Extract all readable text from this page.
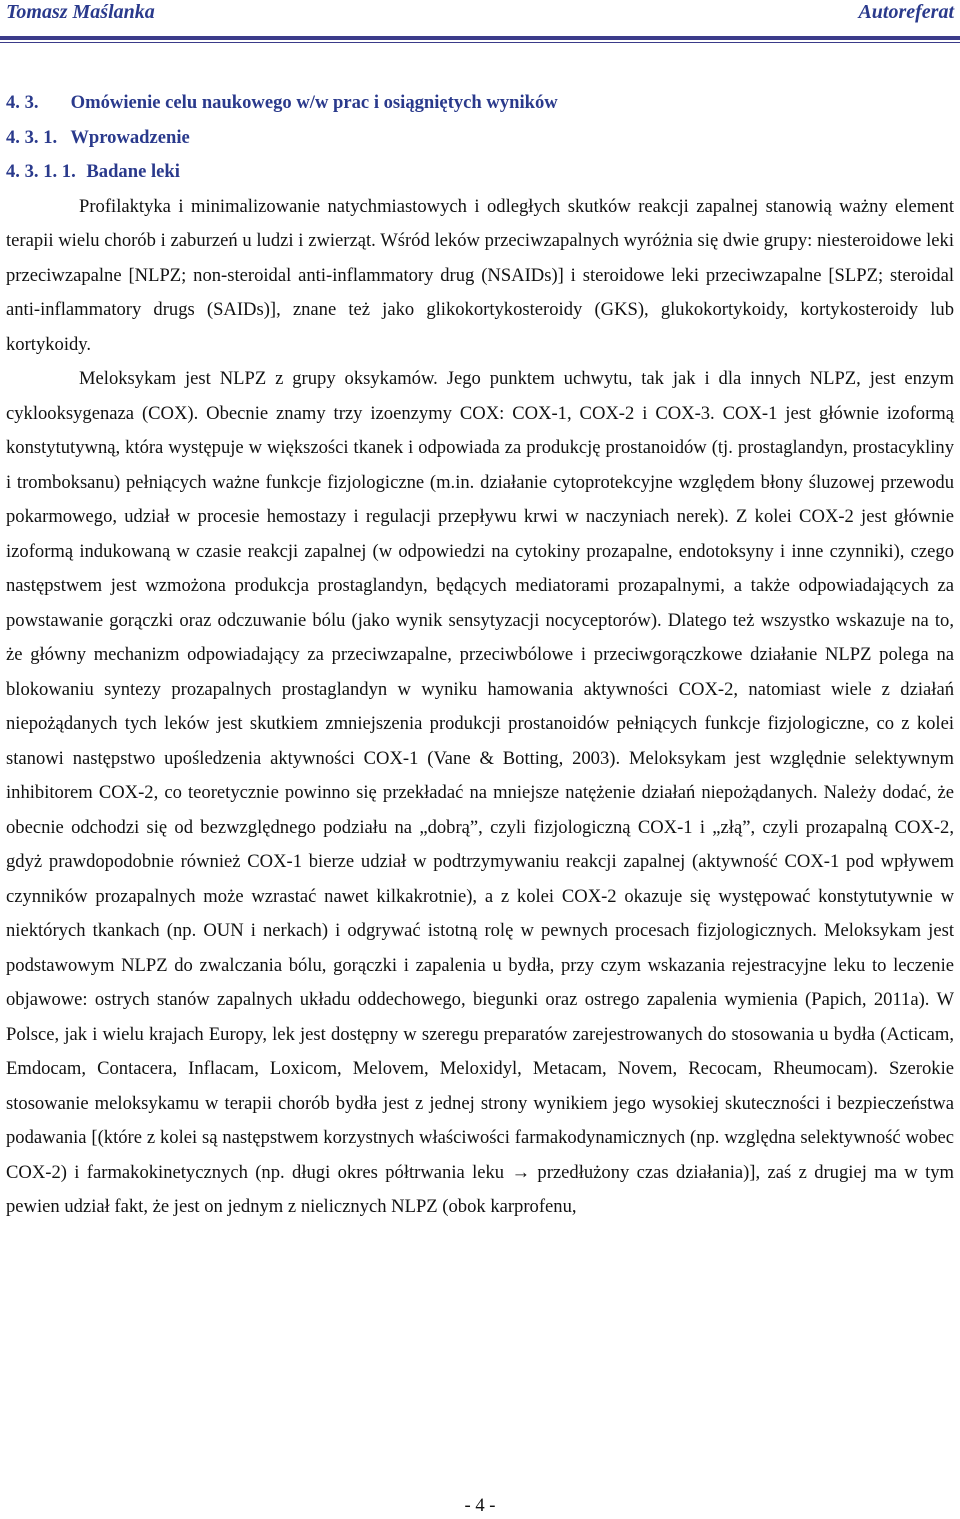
Tomasz Maślanka	Autoreferat

4. 3. Omówienie celu naukowego w/w prac i osiągniętych wyników

4. 3. 1. Wprowadzenie

4. 3. 1. 1. Badane leki

Profilaktyka i minimalizowanie natychmiastowych i odległych skutków reakcji zapalnej stanowią ważny element terapii wielu chorób i zaburzeń u ludzi i zwierząt. Wśród leków przeciwzapalnych wyróżnia się dwie grupy: niesteroidowe leki przeciwzapalne [NLPZ; non-steroidal anti-inflammatory drug (NSAIDs)] i steroidowe leki przeciwzapalne [SLPZ; steroidal anti-inflammatory drugs (SAIDs)], znane też jako glikokortykosteroidy (GKS), glukokortykoidy, kortykosteroidy lub kortykoidy.

Meloksykam jest NLPZ z grupy oksykamów. Jego punktem uchwytu, tak jak i dla innych NLPZ, jest enzym cyklooksygenaza (COX). Obecnie znamy trzy izoenzymy COX: COX-1, COX-2 i COX-3. COX-1 jest głównie izoformą konstytutywną, która występuje w większości tkanek i odpowiada za produkcję prostanoidów (tj. prostaglandyn, prostacykliny i tromboksanu) pełniących ważne funkcje fizjologiczne (m.in. działanie cytoprotekcyjne względem błony śluzowej przewodu pokarmowego, udział w procesie hemostazy i regulacji przepływu krwi w naczyniach nerek). Z kolei COX-2 jest głównie izoformą indukowaną w czasie reakcji zapalnej (w odpowiedzi na cytokiny prozapalne, endotoksyny i inne czynniki), czego następstwem jest wzmożona produkcja prostaglandyn, będących mediatorami prozapalnymi, a także odpowiadających za powstawanie gorączki oraz odczuwanie bólu (jako wynik sensytyzacji nocyceptorów). Dlatego też wszystko wskazuje na to, że główny mechanizm odpowiadający za przeciwzapalne, przeciwbólowe i przeciwgorączkowe działanie NLPZ polega na blokowaniu syntezy prozapalnych prostaglandyn w wyniku hamowania aktywności COX-2, natomiast wiele z działań niepożądanych tych leków jest skutkiem zmniejszenia produkcji prostanoidów pełniących funkcje fizjologiczne, co z kolei stanowi następstwo upośledzenia aktywności COX-1 (Vane & Botting, 2003). Meloksykam jest względnie selektywnym inhibitorem COX-2, co teoretycznie powinno się przekładać na mniejsze natężenie działań niepożądanych. Należy dodać, że obecnie odchodzi się od bezwzględnego podziału na „dobrą”, czyli fizjologiczną COX-1 i „złą”, czyli prozapalną COX-2, gdyż prawdopodobnie również COX-1 bierze udział w podtrzymywaniu reakcji zapalnej (aktywność COX-1 pod wpływem czynników prozapalnych może wzrastać nawet kilkakrotnie), a z kolei COX-2 okazuje się występować konstytutywnie w niektórych tkankach (np. OUN i nerkach) i odgrywać istotną rolę w pewnych procesach fizjologicznych. Meloksykam jest podstawowym NLPZ do zwalczania bólu, gorączki i zapalenia u bydła, przy czym wskazania rejestracyjne leku to leczenie objawowe: ostrych stanów zapalnych układu oddechowego, biegunki oraz ostrego zapalenia wymienia (Papich, 2011a). W Polsce, jak i wielu krajach Europy, lek jest dostępny w szeregu preparatów zarejestrowanych do stosowania u bydła (Acticam, Emdocam, Contacera, Inflacam, Loxicom, Melovem, Meloxidyl, Metacam, Novem, Recocam, Rheumocam). Szerokie stosowanie meloksykamu w terapii chorób bydła jest z jednej strony wynikiem jego wysokiej skuteczności i bezpieczeństwa podawania [(które z kolei są następstwem korzystnych właściwości farmakodynamicznych (np. względna selektywność wobec COX-2) i farmakokinetycznych (np. długi okres półtrwania leku → przedłużony czas działania)], zaś z drugiej ma w tym pewien udział fakt, że jest on jednym z nielicznych NLPZ (obok karprofenu,

- 4 -
